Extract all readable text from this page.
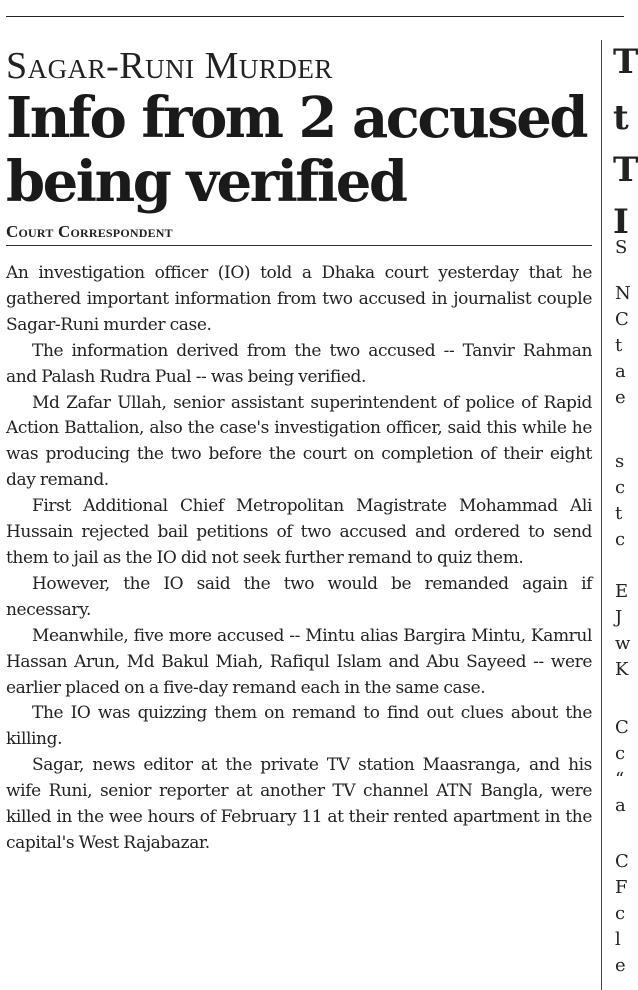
Sagar-Runi Murder
Info from 2 accused being verified
Court Correspondent

An investigation officer (IO) told a Dhaka court yesterday that he gathered important information from two accused in journalist couple Sagar-Runi murder case.

The information derived from the two accused -- Tanvir Rahman and Palash Rudra Pual -- was being verified.

Md Zafar Ullah, senior assistant superintendent of police of Rapid Action Battalion, also the case's investigation officer, said this while he was producing the two before the court on completion of their eight day remand.

First Additional Chief Metropolitan Magistrate Mohammad Ali Hussain rejected bail petitions of two accused and ordered to send them to jail as the IO did not seek further remand to quiz them.

However, the IO said the two would be remanded again if necessary.

Meanwhile, five more accused -- Mintu alias Bargira Mintu, Kamrul Hassan Arun, Md Bakul Miah, Rafiqul Islam and Abu Sayeed -- were earlier placed on a five-day remand each in the same case.

The IO was quizzing them on remand to find out clues about the killing.

Sagar, news editor at the private TV station Maasranga, and his wife Runi, senior reporter at another TV channel ATN Bangla, were killed in the wee hours of February 11 at their rented apartment in the capital's West Rajabazar.

T
t
T
I
S
N
C
t
a
e
s
c
t
c
E
J
w
K
C
c
“
a
C
F
c
l
e
